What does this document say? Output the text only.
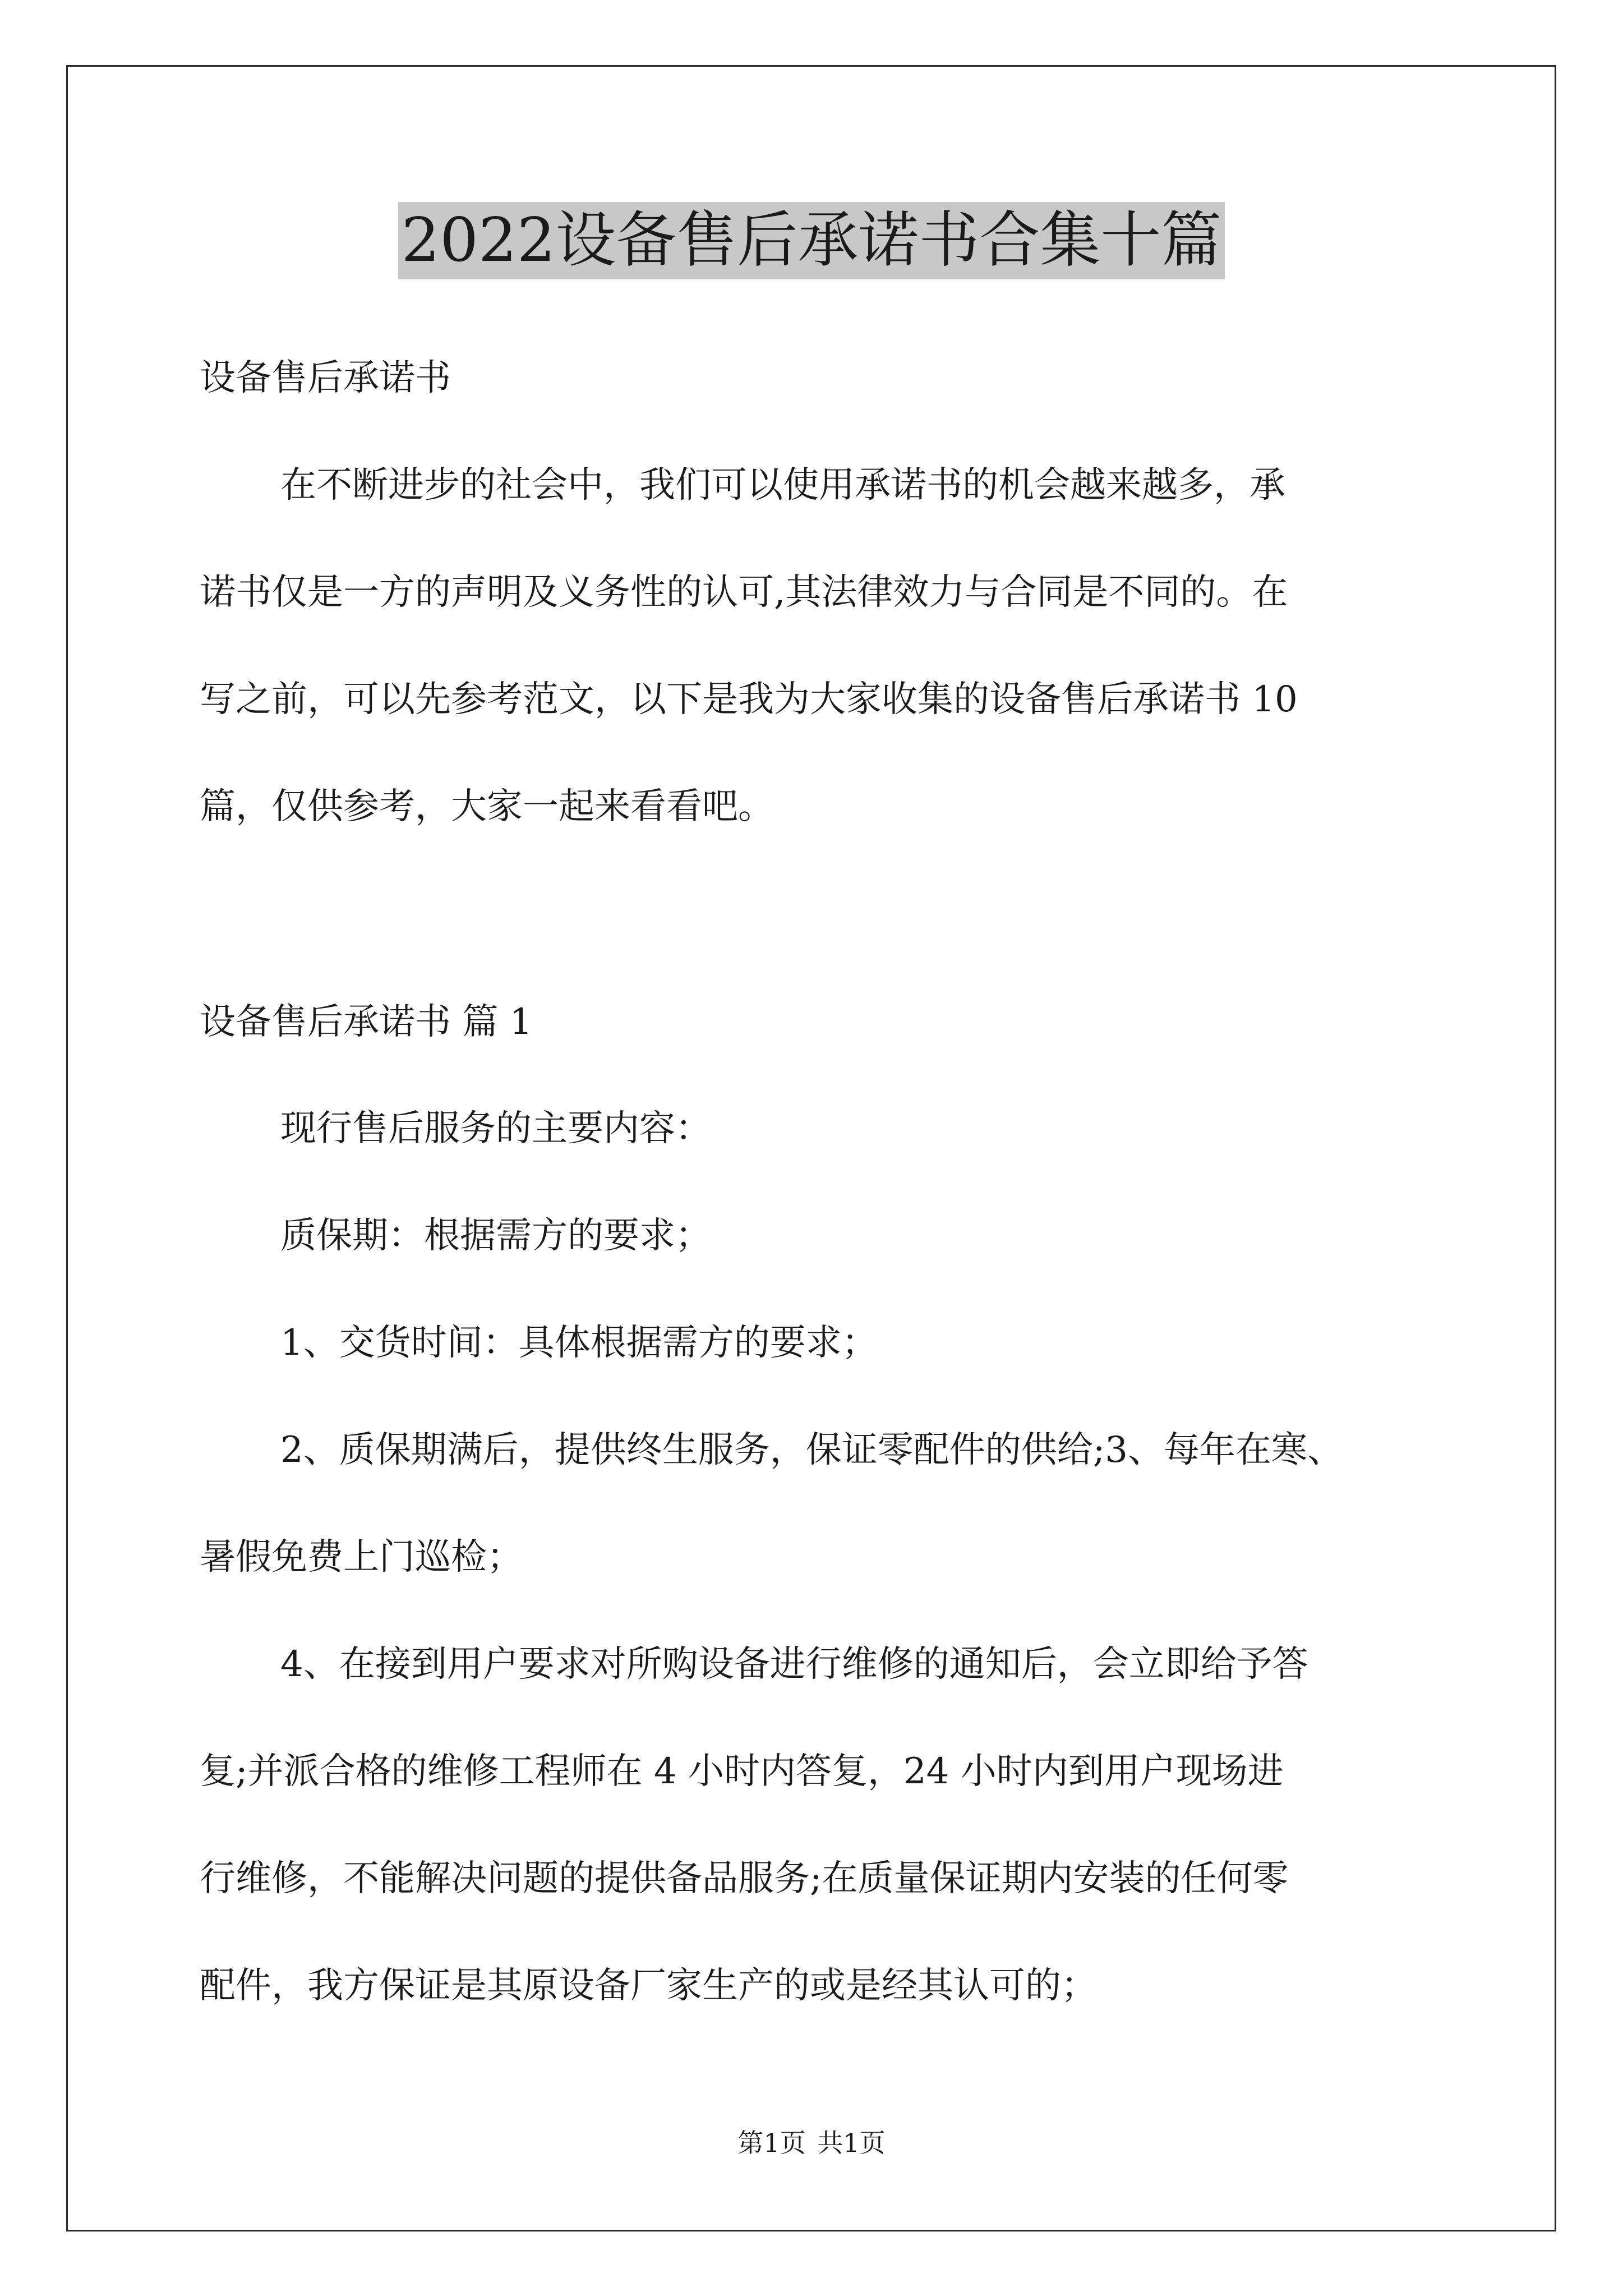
2022设备售后承诺书合集十篇
设备售后承诺书
在不断进步的社会中，我们可以使用承诺书的机会越来越多，承
诺书仅是一方的声明及义务性的认可,其法律效力与合同是不同的。在
写之前，可以先参考范文，以下是我为大家收集的设备售后承诺书 10
篇，仅供参考，大家一起来看看吧。
设备售后承诺书 篇 1
现行售后服务的主要内容：
质保期：根据需方的要求；
1、交货时间：具体根据需方的要求；
2、质保期满后，提供终生服务，保证零配件的供给;3、每年在寒、
暑假免费上门巡检；
4、在接到用户要求对所购设备进行维修的通知后，会立即给予答
复;并派合格的维修工程师在 4 小时内答复，24 小时内到用户现场进
行维修，不能解决问题的提供备品服务;在质量保证期内安装的任何零
配件，我方保证是其原设备厂家生产的或是经其认可的；
第1页 共1页
